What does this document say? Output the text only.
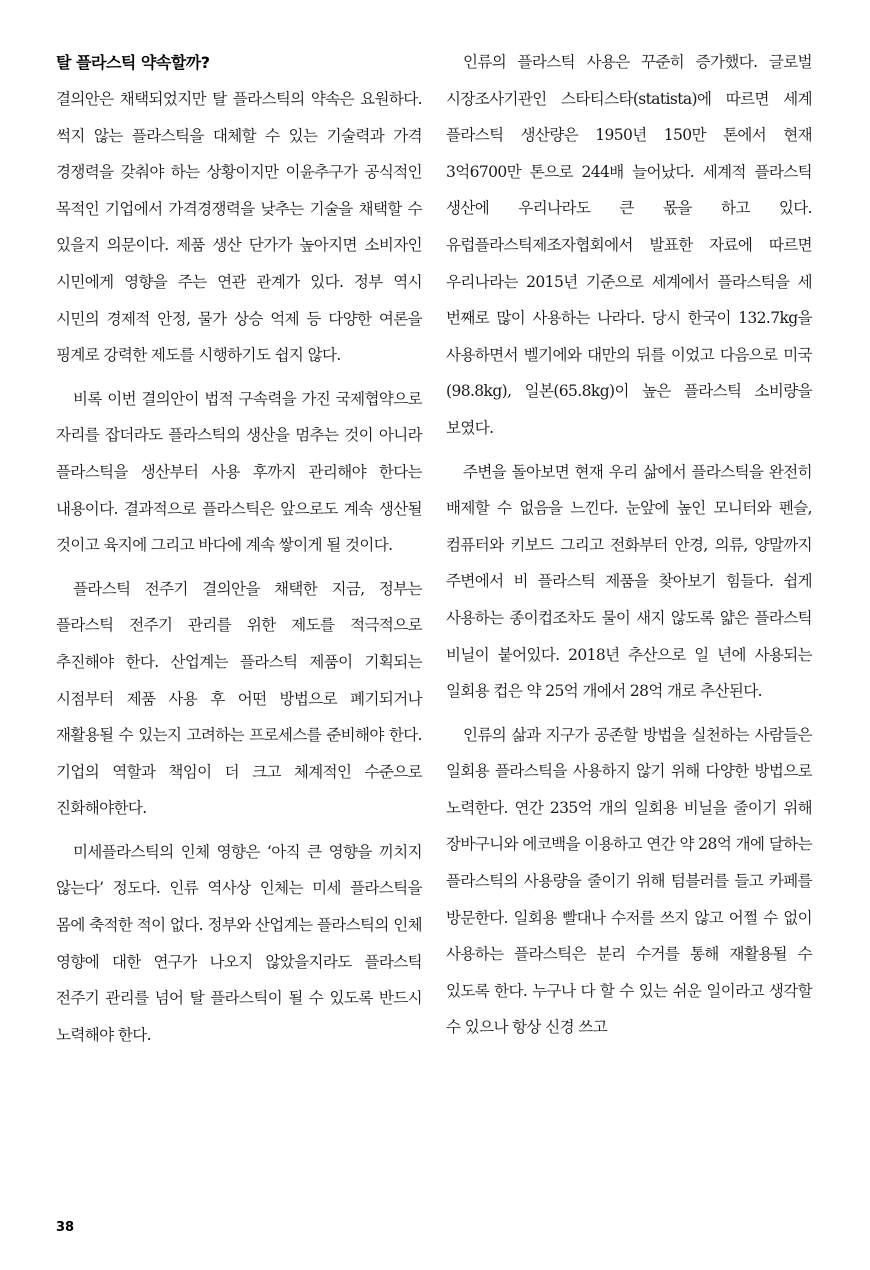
탈 플라스틱 약속할까?

결의안은 채택되었지만 탈 플라스틱의 약속은 요원하다. 썩지 않는 플라스틱을 대체할 수 있는 기술력과 가격 경쟁력을 갖춰야 하는 상황이지만 이윤추구가 공식적인 목적인 기업에서 가격경쟁력을 낮추는 기술을 채택할 수 있을지 의문이다. 제품 생산 단가가 높아지면 소비자인 시민에게 영향을 주는 연관 관계가 있다. 정부 역시 시민의 경제적 안정, 물가 상승 억제 등 다양한 여론을 핑계로 강력한 제도를 시행하기도 쉽지 않다.

비록 이번 결의안이 법적 구속력을 가진 국제협약으로 자리를 잡더라도 플라스틱의 생산을 멈추는 것이 아니라 플라스틱을 생산부터 사용 후까지 관리해야 한다는 내용이다. 결과적으로 플라스틱은 앞으로도 계속 생산될 것이고 육지에 그리고 바다에 계속 쌓이게 될 것이다.

플라스틱 전주기 결의안을 채택한 지금, 정부는 플라스틱 전주기 관리를 위한 제도를 적극적으로 추진해야 한다. 산업계는 플라스틱 제품이 기획되는 시점부터 제품 사용 후 어떤 방법으로 폐기되거나 재활용될 수 있는지 고려하는 프로세스를 준비해야 한다. 기업의 역할과 책임이 더 크고 체계적인 수준으로 진화해야한다.

미세플라스틱의 인체 영향은 ‘아직 큰 영향을 끼치지 않는다’ 정도다. 인류 역사상 인체는 미세 플라스틱을 몸에 축적한 적이 없다. 정부와 산업계는 플라스틱의 인체 영향에 대한 연구가 나오지 않았을지라도 플라스틱 전주기 관리를 넘어 탈 플라스틱이 될 수 있도록 반드시 노력해야 한다.

인류의 플라스틱 사용은 꾸준히 증가했다. 글로벌 시장조사기관인 스타티스타(statista)에 따르면 세계 플라스틱 생산량은 1950년 150만 톤에서 현재 3억6700만 톤으로 244배 늘어났다. 세계적 플라스틱 생산에 우리나라도 큰 몫을 하고 있다. 유럽플라스틱제조자협회에서 발표한 자료에 따르면 우리나라는 2015년 기준으로 세계에서 플라스틱을 세 번째로 많이 사용하는 나라다. 당시 한국이 132.7kg을 사용하면서 벨기에와 대만의 뒤를 이었고 다음으로 미국(98.8kg), 일본(65.8kg)이 높은 플라스틱 소비량을 보였다.

주변을 돌아보면 현재 우리 삶에서 플라스틱을 완전히 배제할 수 없음을 느낀다. 눈앞에 높인 모니터와 펜슬, 컴퓨터와 키보드 그리고 전화부터 안경, 의류, 양말까지 주변에서 비 플라스틱 제품을 찾아보기 힘들다. 쉽게 사용하는 종이컵조차도 물이 새지 않도록 얇은 플라스틱 비닐이 붙어있다. 2018년 추산으로 일 년에 사용되는 일회용 컵은 약 25억 개에서 28억 개로 추산된다.

인류의 삶과 지구가 공존할 방법을 실천하는 사람들은 일회용 플라스틱을 사용하지 않기 위해 다양한 방법으로 노력한다. 연간 235억 개의 일회용 비닐을 줄이기 위해 장바구니와 에코백을 이용하고 연간 약 28억 개에 달하는 플라스틱의 사용량을 줄이기 위해 텀블러를 들고 카페를 방문한다. 일회용 빨대나 수저를 쓰지 않고 어쩔 수 없이 사용하는 플라스틱은 분리 수거를 통해 재활용될 수 있도록 한다. 누구나 다 할 수 있는 쉬운 일이라고 생각할 수 있으나 항상 신경 쓰고

38
